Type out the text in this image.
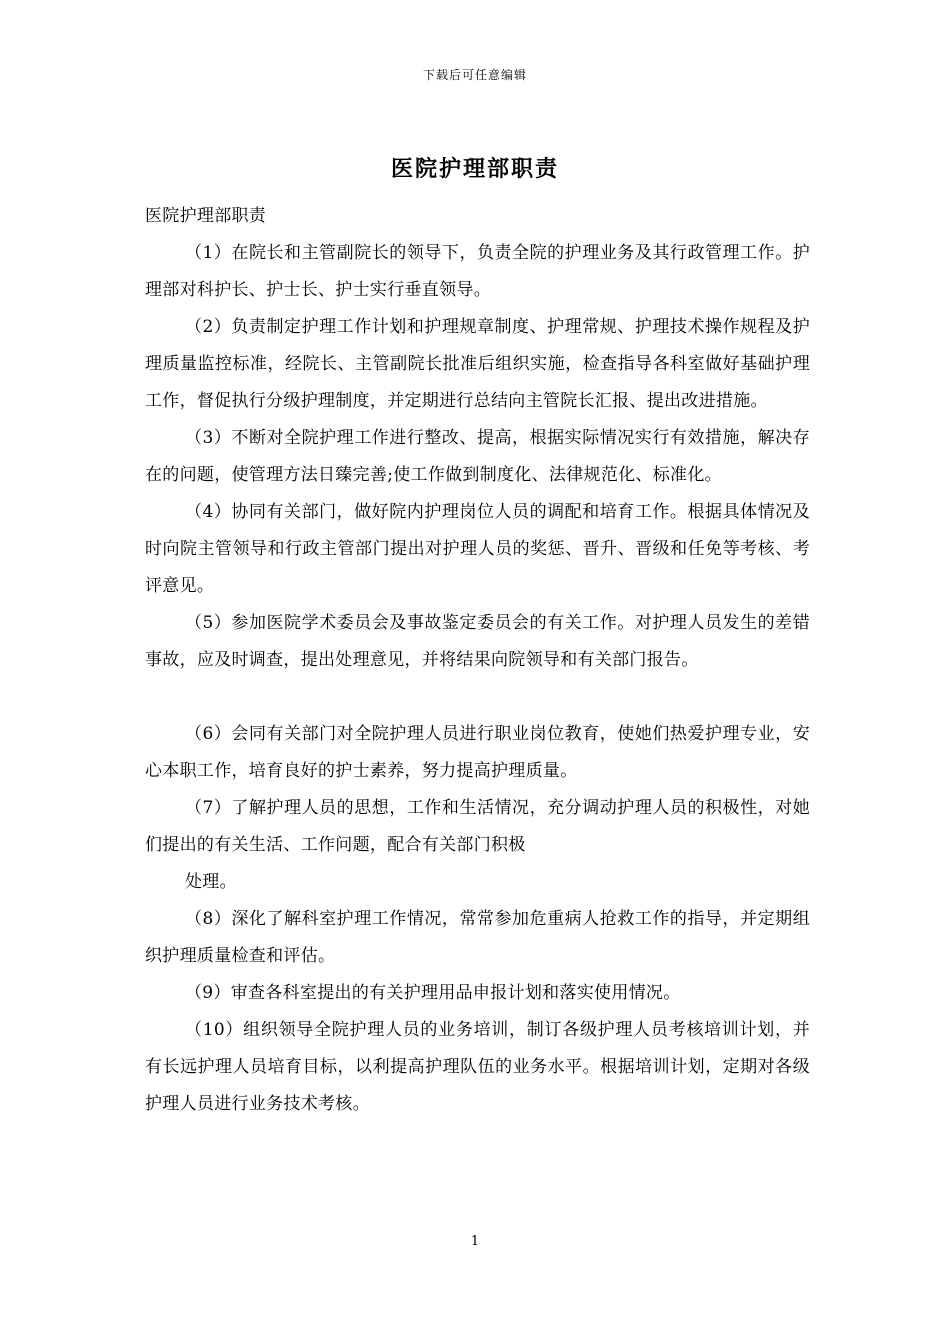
下载后可任意编辑
医院护理部职责

医院护理部职责

（1）在院长和主管副院长的领导下，负责全院的护理业务及其行政管理工作。护理部对科护长、护士长、护士实行垂直领导。

（2）负责制定护理工作计划和护理规章制度、护理常规、护理技术操作规程及护理质量监控标准，经院长、主管副院长批准后组织实施，检查指导各科室做好基础护理工作，督促执行分级护理制度，并定期进行总结向主管院长汇报、提出改进措施。

（3）不断对全院护理工作进行整改、提高，根据实际情况实行有效措施，解决存在的问题，使管理方法日臻完善;使工作做到制度化、法律规范化、标准化。

（4）协同有关部门，做好院内护理岗位人员的调配和培育工作。根据具体情况及时向院主管领导和行政主管部门提出对护理人员的奖惩、晋升、晋级和任免等考核、考评意见。

（5）参加医院学术委员会及事故鉴定委员会的有关工作。对护理人员发生的差错事故，应及时调查，提出处理意见，并将结果向院领导和有关部门报告。

（6）会同有关部门对全院护理人员进行职业岗位教育，使她们热爱护理专业，安心本职工作，培育良好的护士素养，努力提高护理质量。

（7）了解护理人员的思想，工作和生活情况，充分调动护理人员的积极性，对她们提出的有关生活、工作问题，配合有关部门积极

处理。

（8）深化了解科室护理工作情况，常常参加危重病人抢救工作的指导，并定期组织护理质量检查和评估。

（9）审查各科室提出的有关护理用品申报计划和落实使用情况。

（10）组织领导全院护理人员的业务培训，制订各级护理人员考核培训计划，并有长远护理人员培育目标，以利提高护理队伍的业务水平。根据培训计划，定期对各级护理人员进行业务技术考核。

1
